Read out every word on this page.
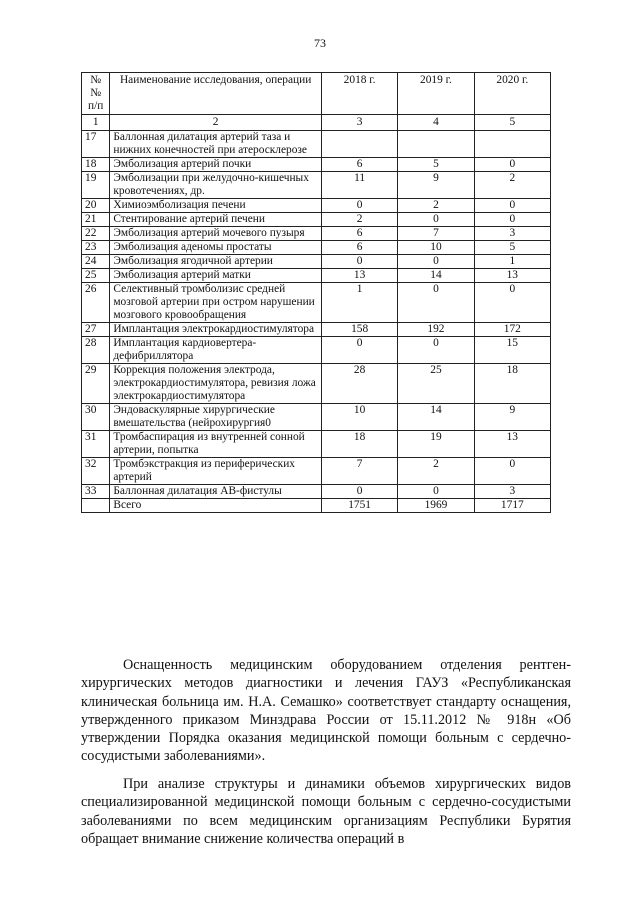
73
№№ п/п	Наименование исследования, операции	2018 г.	2019 г.	2020 г.
1	2	3	4	5
17	Баллонная дилатация артерий таза и нижних конечностей при атеросклерозе			
18	Эмболизация артерий почки	6	5	0
19	Эмболизации при желудочно-кишечных кровотечениях, др.	11	9	2
20	Химиоэмболизация печени	0	2	0
21	Стентирование артерий печени	2	0	0
22	Эмболизация артерий мочевого пузыря	6	7	3
23	Эмболизация аденомы простаты	6	10	5
24	Эмболизация ягодичной артерии	0	0	1
25	Эмболизация артерий матки	13	14	13
26	Селективный тромболизис средней мозговой артерии при остром нарушении мозгового кровообращения	1	0	0
27	Имплантация электрокардиостимулятора	158	192	172
28	Имплантация кардиовертера-дефибриллятора	0	0	15
29	Коррекция положения электрода, электрокардиостимулятора, ревизия ложа электрокардиостимулятора	28	25	18
30	Эндоваскулярные хирургические вмешательства (нейрохирургия0	10	14	9
31	Тромбаспирация из внутренней сонной артерии, попытка	18	19	13
32	Тромбэкстракция из периферических артерий	7	2	0
33	Баллонная дилатация АВ-фистулы	0	0	3
	Всего	1751	1969	1717

Оснащенность медицинским оборудованием отделения рентген-хирургических методов диагностики и лечения ГАУЗ «Республиканская клиническая больница им. Н.А. Семашко» соответствует стандарту оснащения, утвержденного приказом Минздрава России от 15.11.2012 № 918н «Об утверждении Порядка оказания медицинской помощи больным с сердечно-сосудистыми заболеваниями».

При анализе структуры и динамики объемов хирургических видов специализированной медицинской помощи больным с сердечно-сосудистыми заболеваниями по всем медицинским организациям Республики Бурятия обращает внимание снижение количества операций в
